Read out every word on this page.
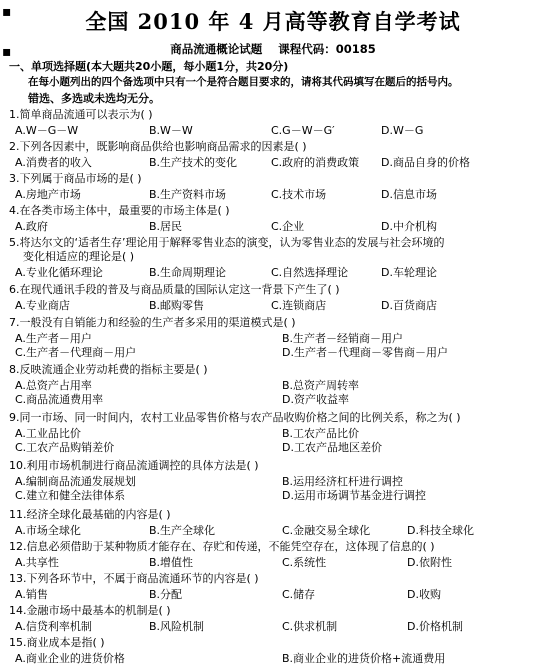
▪
▪
全国 2010 年 4 月高等教育自学考试
商品流通概论试题 课程代码：00185
一、单项选择题(本大题共20小题，每小题1分，共20分)
在每小题列出的四个备选项中只有一个是符合题目要求的，请将其代码填写在题后的括号内。
错选、多选或未选均无分。
1.简单商品流通可以表示为( )
A.W－G－W	B.W－W	C.G－W－G′	D.W－G
2.下列各因素中，既影响商品供给也影响商品需求的因素是( )
A.消费者的收入	B.生产技术的变化	C.政府的消费政策 D.商品自身的价格
3.下列属于商品市场的是( )
A.房地产市场	B.生产资料市场	C.技术市场	D.信息市场
4.在各类市场主体中，最重要的市场主体是( )
A.政府	B.居民	C.企业	D.中介机构
5.将达尔文的‘适者生存’理论用于解释零售业态的演变，认为零售业态的发展与社会环境的
变化相适应的理论是( )
A.专业化循环理论	B.生命周期理论	C.自然选择理论	D.车轮理论
6.在现代通讯手段的普及与商品质量的国际认定这一背景下产生了( )
A.专业商店	B.邮购零售	C.连锁商店	D.百货商店
7.一般没有自销能力和经验的生产者多采用的渠道模式是( )
A.生产者－用户	B.生产者－经销商－用户
C.生产者－代理商－用户	D.生产者－代理商－零售商－用户
8.反映流通企业劳动耗费的指标主要是( )
A.总资产占用率	B.总资产周转率
C.商品流通费用率	D.资产收益率
9.同一市场、同一时间内，农村工业品零售价格与农产品收购价格之间的比例关系，称之为( )
A.工业品比价	B.工农产品比价
C.工农产品购销差价	D.工农产品地区差价
10.利用市场机制进行商品流通调控的具体方法是( )
A.编制商品流通发展规划	B.运用经济杠杆进行调控
C.建立和健全法律体系	D.运用市场调节基金进行调控
11.经济全球化最基础的内容是( )
A.市场全球化	B.生产全球化	C.金融交易全球化	D.科技全球化
12.信息必须借助于某种物质才能存在、存贮和传递，不能凭空存在，这体现了信息的( )
A.共享性	B.增值性	C.系统性	D.依附性
13.下列各环节中，不属于商品流通环节的内容是( )
A.销售	B.分配	C.储存	D.收购
14.金融市场中最基本的机制是( )
A.信贷利率机制	B.风险机制	C.供求机制	D.价格机制
15.商业成本是指( )
A.商业企业的进货价格	B.商业企业的进货价格+流通费用
